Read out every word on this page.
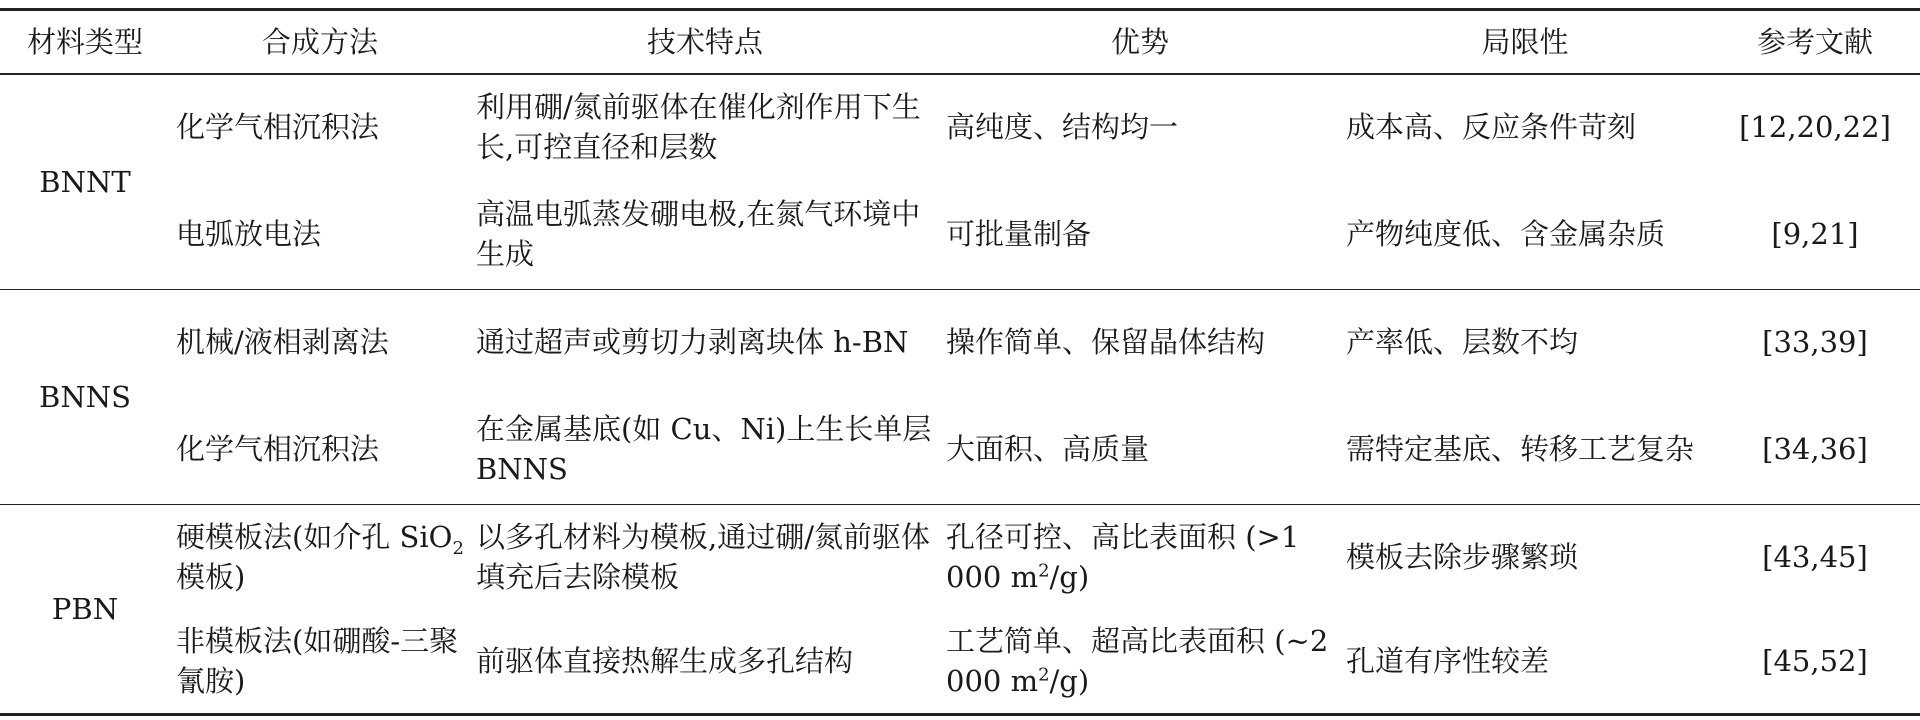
材料类型	合成方法	技术特点	优势	局限性	参考文献
BNNT	化学气相沉积法	利用硼/氮前驱体在催化剂作用下生长,可控直径和层数	高纯度、结构均一	成本高、反应条件苛刻	[12,20,22]
	电弧放电法	高温电弧蒸发硼电极,在氮气环境中生成	可批量制备	产物纯度低、含金属杂质	[9,21]
BNNS	机械/液相剥离法	通过超声或剪切力剥离块体 h-BN	操作简单、保留晶体结构	产率低、层数不均	[33,39]
	化学气相沉积法	在金属基底(如 Cu、Ni)上生长单层 BNNS	大面积、高质量	需特定基底、转移工艺复杂	[34,36]
PBN	硬模板法(如介孔 SiO$_2$ 模板)	以多孔材料为模板,通过硼/氮前驱体填充后去除模板	孔径可控、高比表面积 (>1 000 $m^2/g$)	模板去除步骤繁琐	[43,45]
	非模板法(如硼酸-三聚氰胺)	前驱体直接热解生成多孔结构	工艺简单、超高比表面积 (~2 000 $m^2/g$)	孔道有序性较差	[45,52]
